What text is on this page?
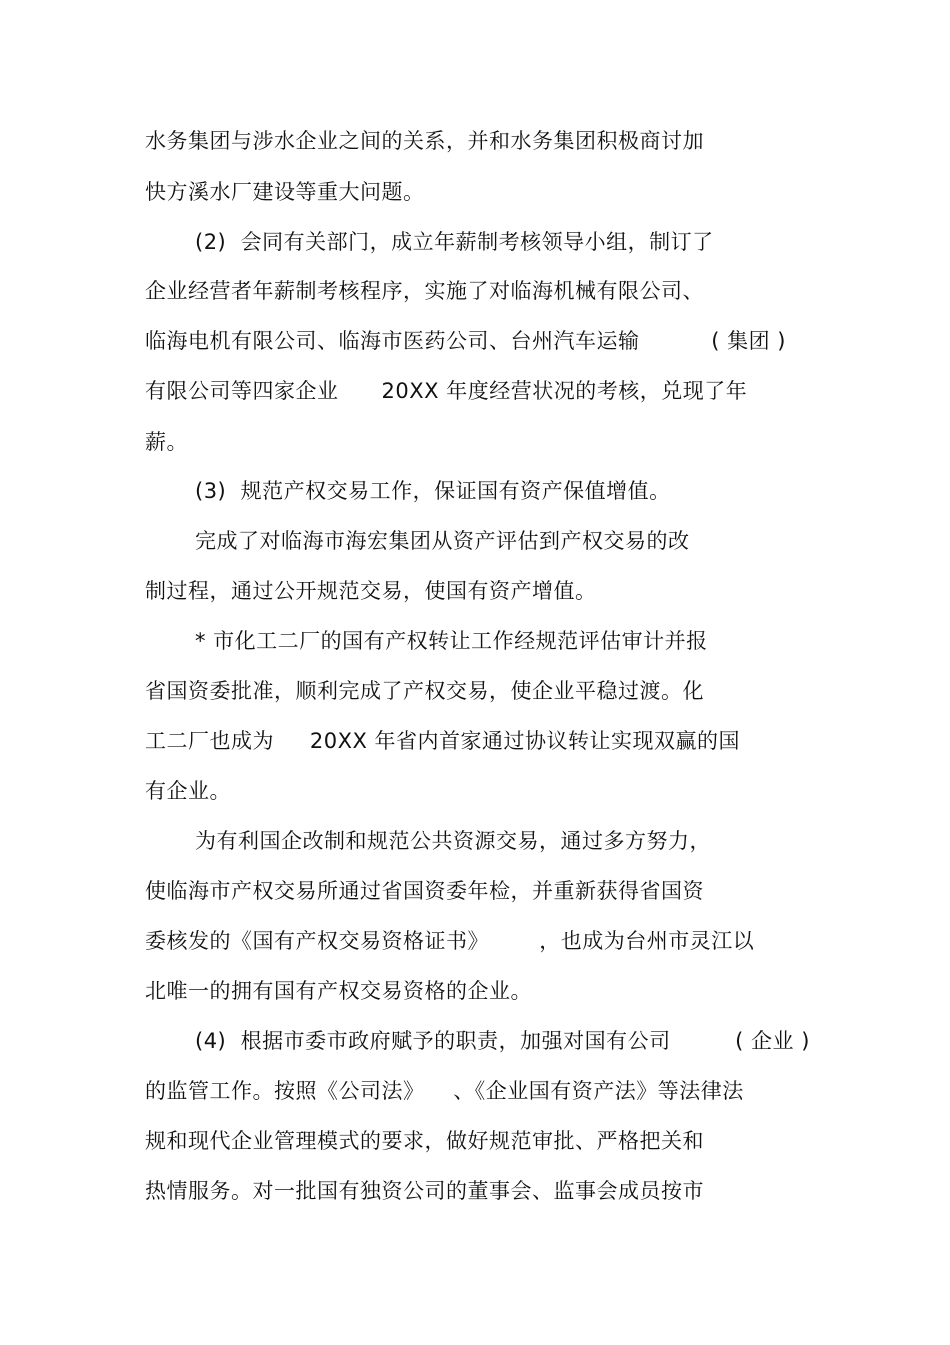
水务集团与涉水企业之间的关系，并和水务集团积极商讨加
快方溪水厂建设等重大问题。
(2)  会同有关部门，成立年薪制考核领导小组，制订了
企业经营者年薪制考核程序，实施了对临海机械有限公司、
临海电机有限公司、临海市医药公司、台州汽车运输          ( 集团 )
有限公司等四家企业      20XX 年度经营状况的考核，兑现了年
薪。
(3)  规范产权交易工作，保证国有资产保值增值。
完成了对临海市海宏集团从资产评估到产权交易的改
制过程，通过公开规范交易，使国有资产增值。
* 市化工二厂的国有产权转让工作经规范评估审计并报
省国资委批准，顺利完成了产权交易，使企业平稳过渡。化
工二厂也成为     20XX 年省内首家通过协议转让实现双赢的国
有企业。
为有利国企改制和规范公共资源交易，通过多方努力，
使临海市产权交易所通过省国资委年检，并重新获得省国资
委核发的《国有产权交易资格证书》       ，也成为台州市灵江以
北唯一的拥有国有产权交易资格的企业。
(4)  根据市委市政府赋予的职责，加强对国有公司         ( 企业 )
的监管工作。按照《公司法》    、《企业国有资产法》等法律法
规和现代企业管理模式的要求，做好规范审批、严格把关和
热情服务。对一批国有独资公司的董事会、监事会成员按市
